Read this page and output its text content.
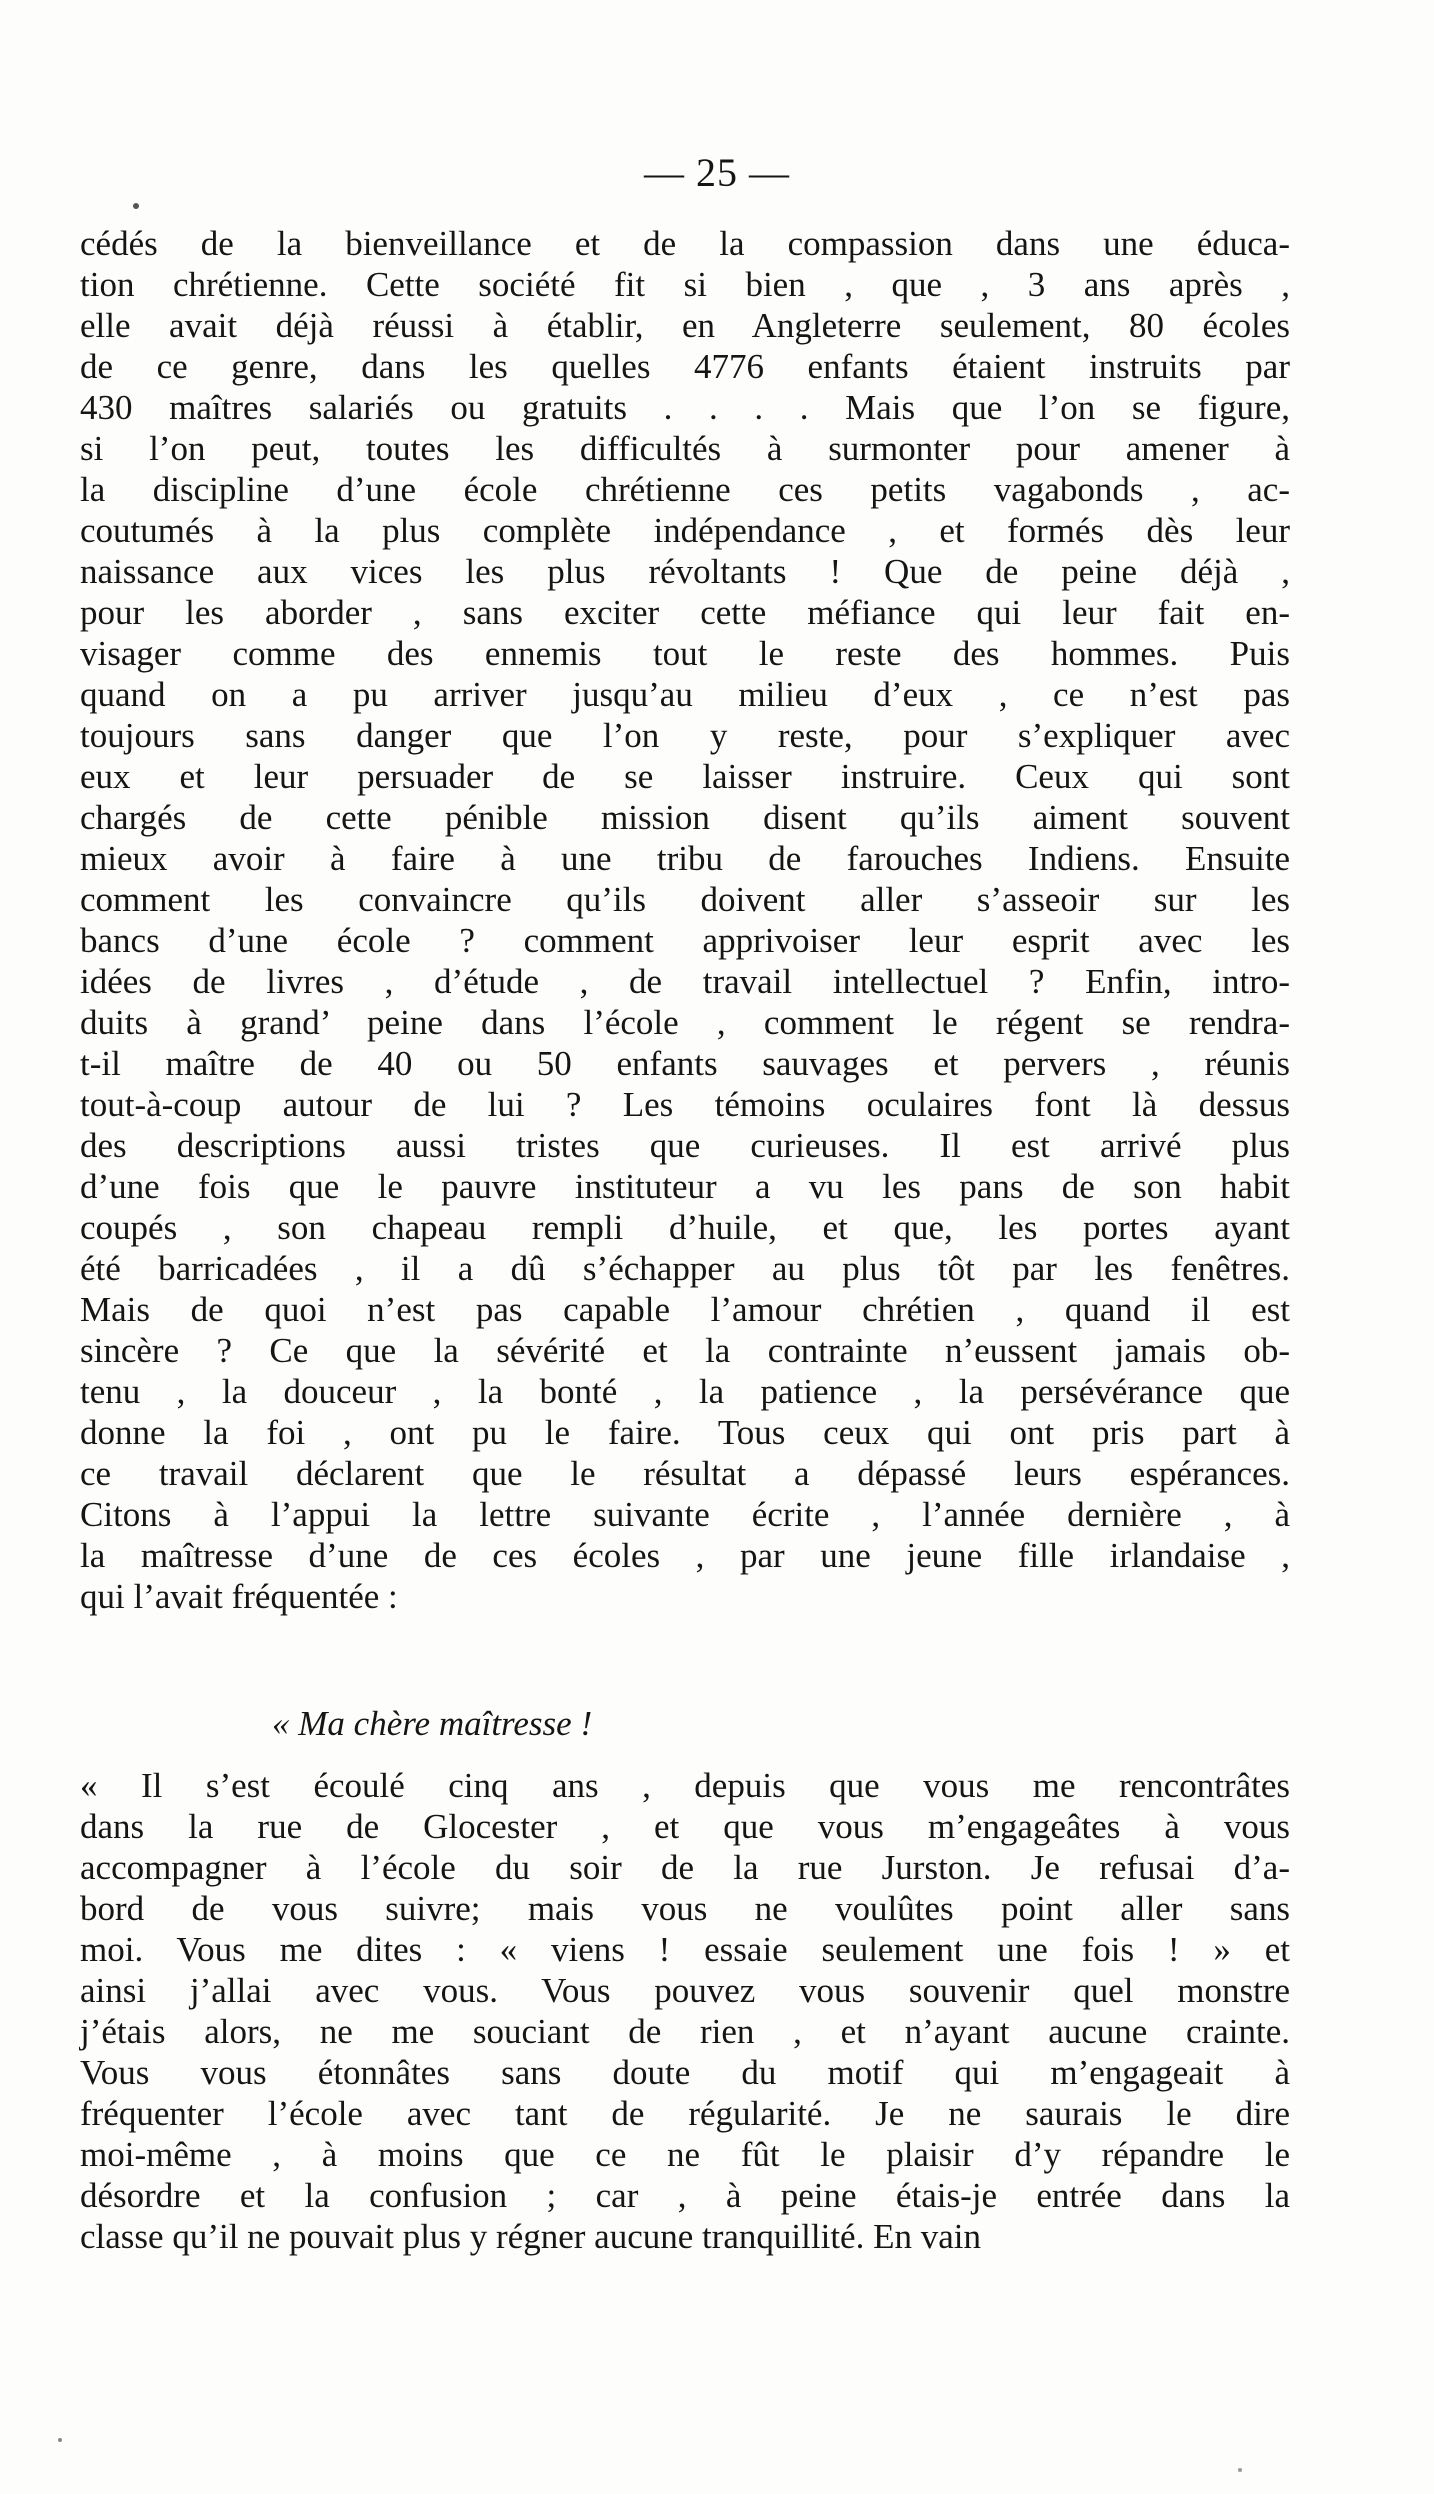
— 25 —
cédés de la bienveillance et de la compassion dans une éduca-
tion chrétienne. Cette société fit si bien , que , 3 ans après ,
elle avait déjà réussi à établir, en Angleterre seulement, 80 écoles
de ce genre, dans les quelles 4776 enfants étaient instruits par
430 maîtres salariés ou gratuits . . . . Mais que l’on se figure,
si l’on peut, toutes les difficultés à surmonter pour amener à
la discipline d’une école chrétienne ces petits vagabonds , ac-
coutumés à la plus complète indépendance , et formés dès leur
naissance aux vices les plus révoltants ! Que de peine déjà ,
pour les aborder , sans exciter cette méfiance qui leur fait en-
visager comme des ennemis tout le reste des hommes. Puis
quand on a pu arriver jusqu’au milieu d’eux , ce n’est pas
toujours sans danger que l’on y reste, pour s’expliquer avec
eux et leur persuader de se laisser instruire. Ceux qui sont
chargés de cette pénible mission disent qu’ils aiment souvent
mieux avoir à faire à une tribu de farouches Indiens. Ensuite
comment les convaincre qu’ils doivent aller s’asseoir sur les
bancs d’une école ? comment apprivoiser leur esprit avec les
idées de livres , d’étude , de travail intellectuel ? Enfin, intro-
duits à grand’ peine dans l’école , comment le régent se rendra-
t-il maître de 40 ou 50 enfants sauvages et pervers , réunis
tout-à-coup autour de lui ? Les témoins oculaires font là dessus
des descriptions aussi tristes que curieuses. Il est arrivé plus
d’une fois que le pauvre instituteur a vu les pans de son habit
coupés , son chapeau rempli d’huile, et que, les portes ayant
été barricadées , il a dû s’échapper au plus tôt par les fenêtres.
Mais de quoi n’est pas capable l’amour chrétien , quand il est
sincère ? Ce que la sévérité et la contrainte n’eussent jamais ob-
tenu , la douceur , la bonté , la patience , la persévérance que
donne la foi , ont pu le faire. Tous ceux qui ont pris part à
ce travail déclarent que le résultat a dépassé leurs espérances.
Citons à l’appui la lettre suivante écrite , l’année dernière , à
la maîtresse d’une de ces écoles , par une jeune fille irlandaise ,
qui l’avait fréquentée :
« Ma chère maîtresse !
« Il s’est écoulé cinq ans , depuis que vous me rencontrâtes
dans la rue de Glocester , et que vous m’engageâtes à vous
accompagner à l’école du soir de la rue Jurston. Je refusai d’a-
bord de vous suivre; mais vous ne voulûtes point aller sans
moi. Vous me dites : « viens ! essaie seulement une fois ! » et
ainsi j’allai avec vous. Vous pouvez vous souvenir quel monstre
j’étais alors, ne me souciant de rien , et n’ayant aucune crainte.
Vous vous étonnâtes sans doute du motif qui m’engageait à
fréquenter l’école avec tant de régularité. Je ne saurais le dire
moi-même , à moins que ce ne fût le plaisir d’y répandre le
désordre et la confusion ; car , à peine étais-je entrée dans la
classe qu’il ne pouvait plus y régner aucune tranquillité. En vain
